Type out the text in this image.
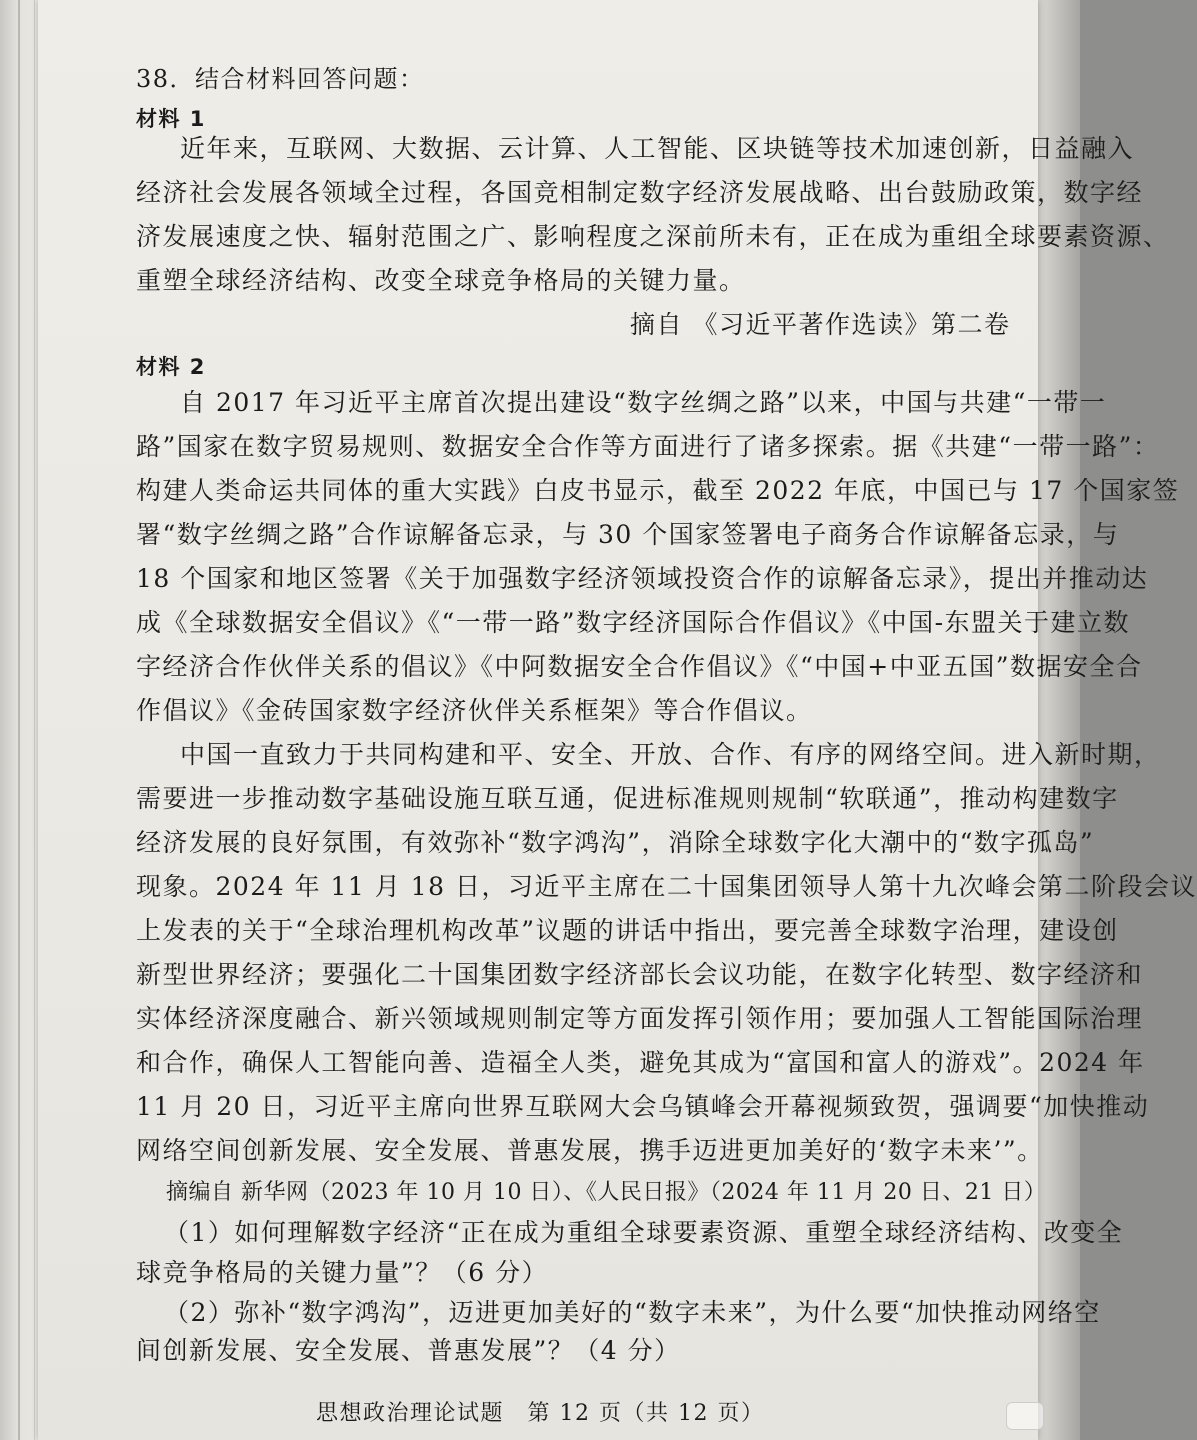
38．结合材料回答问题：
材料 1
近年来，互联网、大数据、云计算、人工智能、区块链等技术加速创新，日益融入
经济社会发展各领域全过程，各国竞相制定数字经济发展战略、出台鼓励政策，数字经
济发展速度之快、辐射范围之广、影响程度之深前所未有，正在成为重组全球要素资源、
重塑全球经济结构、改变全球竞争格局的关键力量。
摘自 《习近平著作选读》第二卷
材料 2
自 2017 年习近平主席首次提出建设“数字丝绸之路”以来，中国与共建“一带一
路”国家在数字贸易规则、数据安全合作等方面进行了诸多探索。据《共建“一带一路”：
构建人类命运共同体的重大实践》白皮书显示，截至 2022 年底，中国已与 17 个国家签
署“数字丝绸之路”合作谅解备忘录，与 30 个国家签署电子商务合作谅解备忘录，与
18 个国家和地区签署《关于加强数字经济领域投资合作的谅解备忘录》，提出并推动达
成《全球数据安全倡议》《“一带一路”数字经济国际合作倡议》《中国-东盟关于建立数
字经济合作伙伴关系的倡议》《中阿数据安全合作倡议》《“中国+中亚五国”数据安全合
作倡议》《金砖国家数字经济伙伴关系框架》等合作倡议。
中国一直致力于共同构建和平、安全、开放、合作、有序的网络空间。进入新时期，
需要进一步推动数字基础设施互联互通，促进标准规则规制“软联通”，推动构建数字
经济发展的良好氛围，有效弥补“数字鸿沟”，消除全球数字化大潮中的“数字孤岛”
现象。2024 年 11 月 18 日，习近平主席在二十国集团领导人第十九次峰会第二阶段会议
上发表的关于“全球治理机构改革”议题的讲话中指出，要完善全球数字治理，建设创
新型世界经济；要强化二十国集团数字经济部长会议功能，在数字化转型、数字经济和
实体经济深度融合、新兴领域规则制定等方面发挥引领作用；要加强人工智能国际治理
和合作，确保人工智能向善、造福全人类，避免其成为“富国和富人的游戏”。2024 年
11 月 20 日，习近平主席向世界互联网大会乌镇峰会开幕视频致贺，强调要“加快推动
网络空间创新发展、安全发展、普惠发展，携手迈进更加美好的‘数字未来’”。
摘编自 新华网（2023 年 10 月 10 日）、《人民日报》（2024 年 11 月 20 日、21 日）
（1）如何理解数字经济“正在成为重组全球要素资源、重塑全球经济结构、改变全
球竞争格局的关键力量”？（6 分）
（2）弥补“数字鸿沟”，迈进更加美好的“数字未来”，为什么要“加快推动网络空
间创新发展、安全发展、普惠发展”？（4 分）
思想政治理论试题　第 12 页（共 12 页）
